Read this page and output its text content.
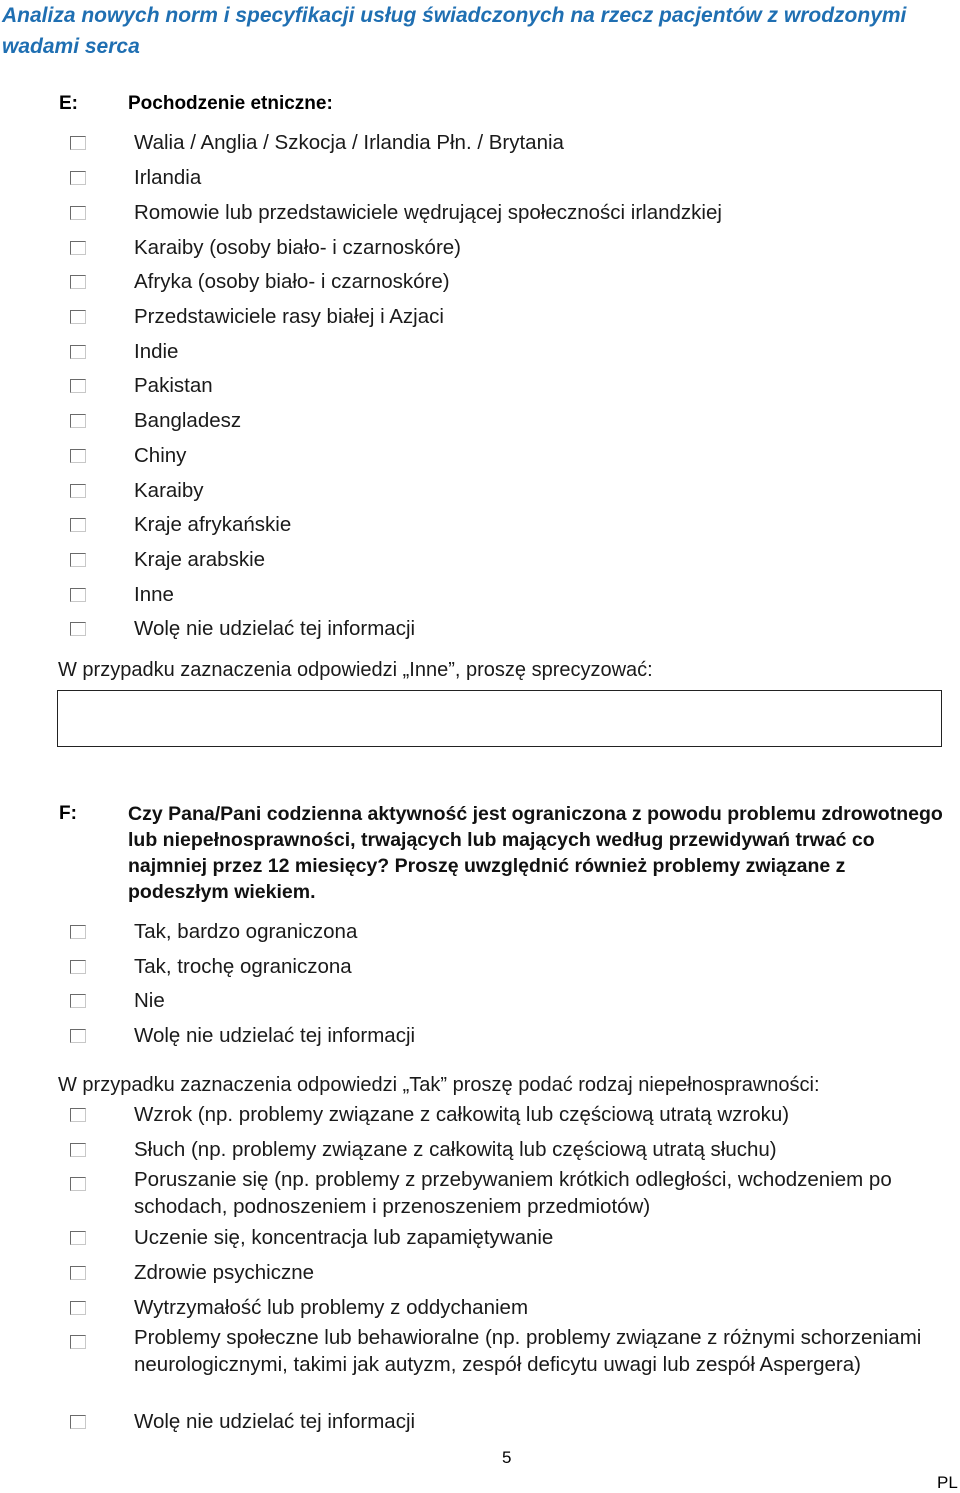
Analiza nowych norm i specyfikacji usług świadczonych na rzecz pacjentów z wrodzonymi wadami serca
E:	Pochodzenie etniczne:
Walia / Anglia / Szkocja / Irlandia Płn. / Brytania
Irlandia
Romowie lub przedstawiciele wędrującej społeczności irlandzkiej
Karaiby (osoby biało- i czarnoskóre)
Afryka (osoby biało- i czarnoskóre)
Przedstawiciele rasy białej i Azjaci
Indie
Pakistan
Bangladesz
Chiny
Karaiby
Kraje afrykańskie
Kraje arabskie
Inne
Wolę nie udzielać tej informacji
W przypadku zaznaczenia odpowiedzi „Inne”, proszę sprecyzować:
F:	Czy Pana/Pani codzienna aktywność jest ograniczona z powodu problemu zdrowotnego lub niepełnosprawności, trwających lub mających według przewidywań trwać co najmniej przez 12 miesięcy? Proszę uwzględnić również problemy związane z podeszłym wiekiem.
Tak, bardzo ograniczona
Tak, trochę ograniczona
Nie
Wolę nie udzielać tej informacji
W przypadku zaznaczenia odpowiedzi „Tak” proszę podać rodzaj niepełnosprawności:
Wzrok (np. problemy związane z całkowitą lub częściową utratą wzroku)
Słuch (np. problemy związane z całkowitą lub częściową utratą słuchu)
Poruszanie się (np. problemy z przebywaniem krótkich odległości, wchodzeniem po schodach, podnoszeniem i przenoszeniem przedmiotów)
Uczenie się, koncentracja lub zapamiętywanie
Zdrowie psychiczne
Wytrzymałość lub problemy z oddychaniem
Problemy społeczne lub behawioralne (np. problemy związane z różnymi schorzeniami neurologicznymi, takimi jak autyzm, zespół deficytu uwagi lub zespół Aspergera)
Wolę nie udzielać tej informacji
5
PL
